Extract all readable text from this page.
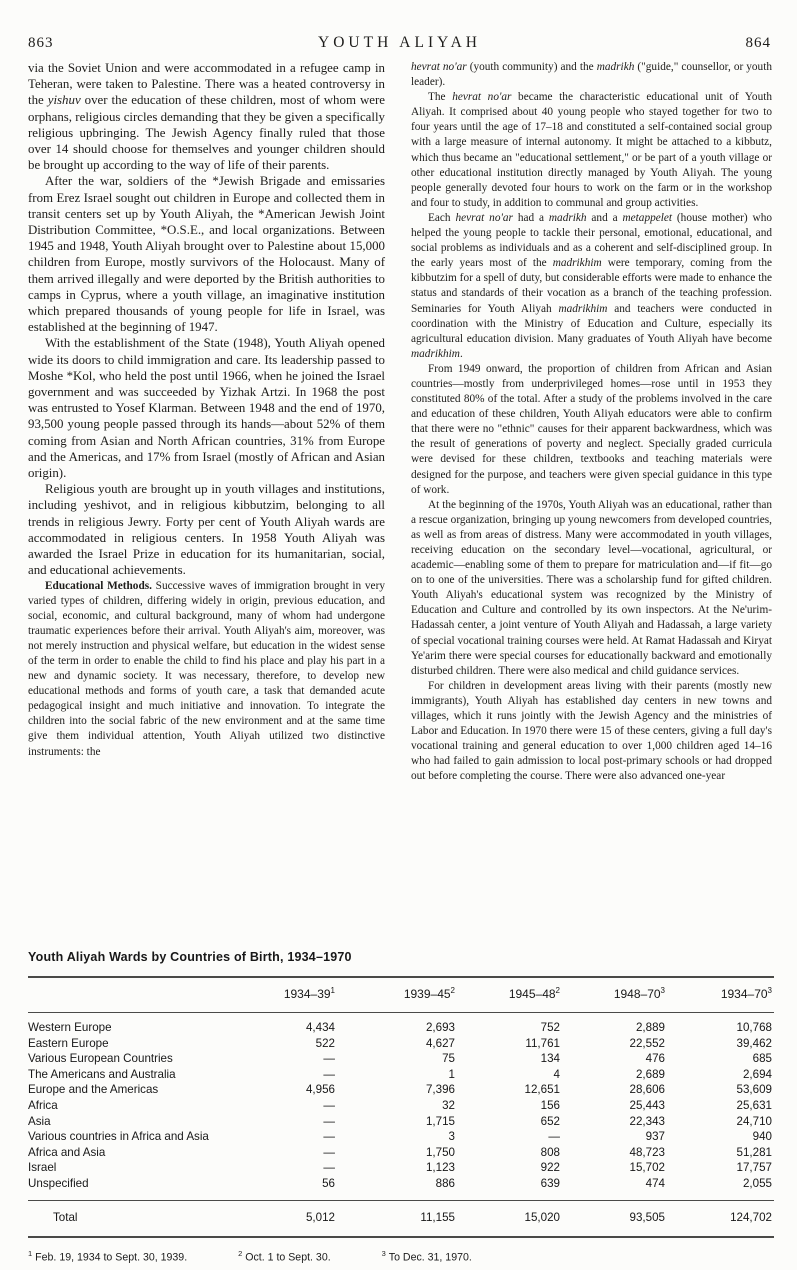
863	YOUTH ALIYAH	864

via the Soviet Union and were accommodated in a refugee camp in Teheran, were taken to Palestine. There was a heated controversy in the yishuv over the education of these children, most of whom were orphans, religious circles demanding that they be given a specifically religious upbringing. The Jewish Agency finally ruled that those over 14 should choose for themselves and younger children should be brought up according to the way of life of their parents.

After the war, soldiers of the *Jewish Brigade and emissaries from Erez Israel sought out children in Europe and collected them in transit centers set up by Youth Aliyah, the *American Jewish Joint Distribution Committee, *O.S.E., and local organizations. Between 1945 and 1948, Youth Aliyah brought over to Palestine about 15,000 children from Europe, mostly survivors of the Holocaust. Many of them arrived illegally and were deported by the British authorities to camps in Cyprus, where a youth village, an imaginative institution which prepared thousands of young people for life in Israel, was established at the beginning of 1947.

With the establishment of the State (1948), Youth Aliyah opened wide its doors to child immigration and care. Its leadership passed to Moshe *Kol, who held the post until 1966, when he joined the Israel government and was succeeded by Yizhak Artzi. In 1968 the post was entrusted to Yosef Klarman. Between 1948 and the end of 1970, 93,500 young people passed through its hands—about 52% of them coming from Asian and North African countries, 31% from Europe and the Americas, and 17% from Israel (mostly of African and Asian origin).

Religious youth are brought up in youth villages and institutions, including yeshivot, and in religious kibbutzim, belonging to all trends in religious Jewry. Forty per cent of Youth Aliyah wards are accommodated in religious centers. In 1958 Youth Aliyah was awarded the Israel Prize in education for its humanitarian, social, and educational achievements.

Educational Methods. Successive waves of immigration brought in very varied types of children, differing widely in origin, previous education, and social, economic, and cultural background, many of whom had undergone traumatic experiences before their arrival. Youth Aliyah's aim, moreover, was not merely instruction and physical welfare, but education in the widest sense of the term in order to enable the child to find his place and play his part in a new and dynamic society. It was necessary, therefore, to develop new educational methods and forms of youth care, a task that demanded acute pedagogical insight and much initiative and innovation. To integrate the children into the social fabric of the new environment and at the same time give them individual attention, Youth Aliyah utilized two distinctive instruments: the

hevrat no'ar (youth community) and the madrikh ("guide," counsellor, or youth leader).

The hevrat no'ar became the characteristic educational unit of Youth Aliyah. It comprised about 40 young people who stayed together for two to four years until the age of 17–18 and constituted a self-contained social group with a large measure of internal autonomy. It might be attached to a kibbutz, which thus became an "educational settlement," or be part of a youth village or other educational institution directly managed by Youth Aliyah. The young people generally devoted four hours to work on the farm or in the workshop and four to study, in addition to communal and group activities.

Each hevrat no'ar had a madrikh and a metappelet (house mother) who helped the young people to tackle their personal, emotional, educational, and social problems as individuals and as a coherent and self-disciplined group. In the early years most of the madrikhim were temporary, coming from the kibbutzim for a spell of duty, but considerable efforts were made to enhance the status and standards of their vocation as a branch of the teaching profession. Seminaries for Youth Aliyah madrikhim and teachers were conducted in coordination with the Ministry of Education and Culture, especially its agricultural education division. Many graduates of Youth Aliyah have become madrikhim.

From 1949 onward, the proportion of children from African and Asian countries—mostly from underprivileged homes—rose until in 1953 they constituted 80% of the total. After a study of the problems involved in the care and education of these children, Youth Aliyah educators were able to confirm that there were no "ethnic" causes for their apparent backwardness, which was the result of generations of poverty and neglect. Specially graded curricula were devised for these children, textbooks and teaching materials were designed for the purpose, and teachers were given special guidance in this type of work.

At the beginning of the 1970s, Youth Aliyah was an educational, rather than a rescue organization, bringing up young newcomers from developed countries, as well as from areas of distress. Many were accommodated in youth villages, receiving education on the secondary level—vocational, agricultural, or academic—enabling some of them to prepare for matriculation and—if fit—go on to one of the universities. There was a scholarship fund for gifted children. Youth Aliyah's educational system was recognized by the Ministry of Education and Culture and controlled by its own inspectors. At the Ne'urim-Hadassah center, a joint venture of Youth Aliyah and Hadassah, a large variety of special vocational training courses were held. At Ramat Hadassah and Kiryat Ye'arim there were special courses for educationally backward and emotionally disturbed children. There were also medical and child guidance services.

For children in development areas living with their parents (mostly new immigrants), Youth Aliyah has established day centers in new towns and villages, which it runs jointly with the Jewish Agency and the ministries of Labor and Education. In 1970 there were 15 of these centers, giving a full day's vocational training and general education to over 1,000 children aged 14–16 who had failed to gain admission to local post-primary schools or had dropped out before completing the course. There were also advanced one-year

Youth Aliyah Wards by Countries of Birth, 1934–1970

	$1934-39^1$	$1939-45^2$	$1945-48^2$	$1948-70^3$	$1934-70^3$
Western Europe	4,434	2,693	752	2,889	10,768
Eastern Europe	522	4,627	11,761	22,552	39,462
Various European Countries	—	75	134	476	685
The Americans and Australia	—	1	4	2,689	2,694
Europe and the Americas	4,956	7,396	12,651	28,606	53,609
Africa	—	32	156	25,443	25,631
Asia	—	1,715	652	22,343	24,710
Various countries in Africa and Asia	—	3	—	937	940
Africa and Asia	—	1,750	808	48,723	51,281
Israel	—	1,123	922	15,702	17,757
Unspecified	56	886	639	474	2,055
Total	5,012	11,155	15,020	93,505	124,702
$^1$ Feb. 19, 1934 to Sept. 30, 1939.	$^2$ Oct. 1 to Sept. 30.	$^3$ To Dec. 31, 1970.
